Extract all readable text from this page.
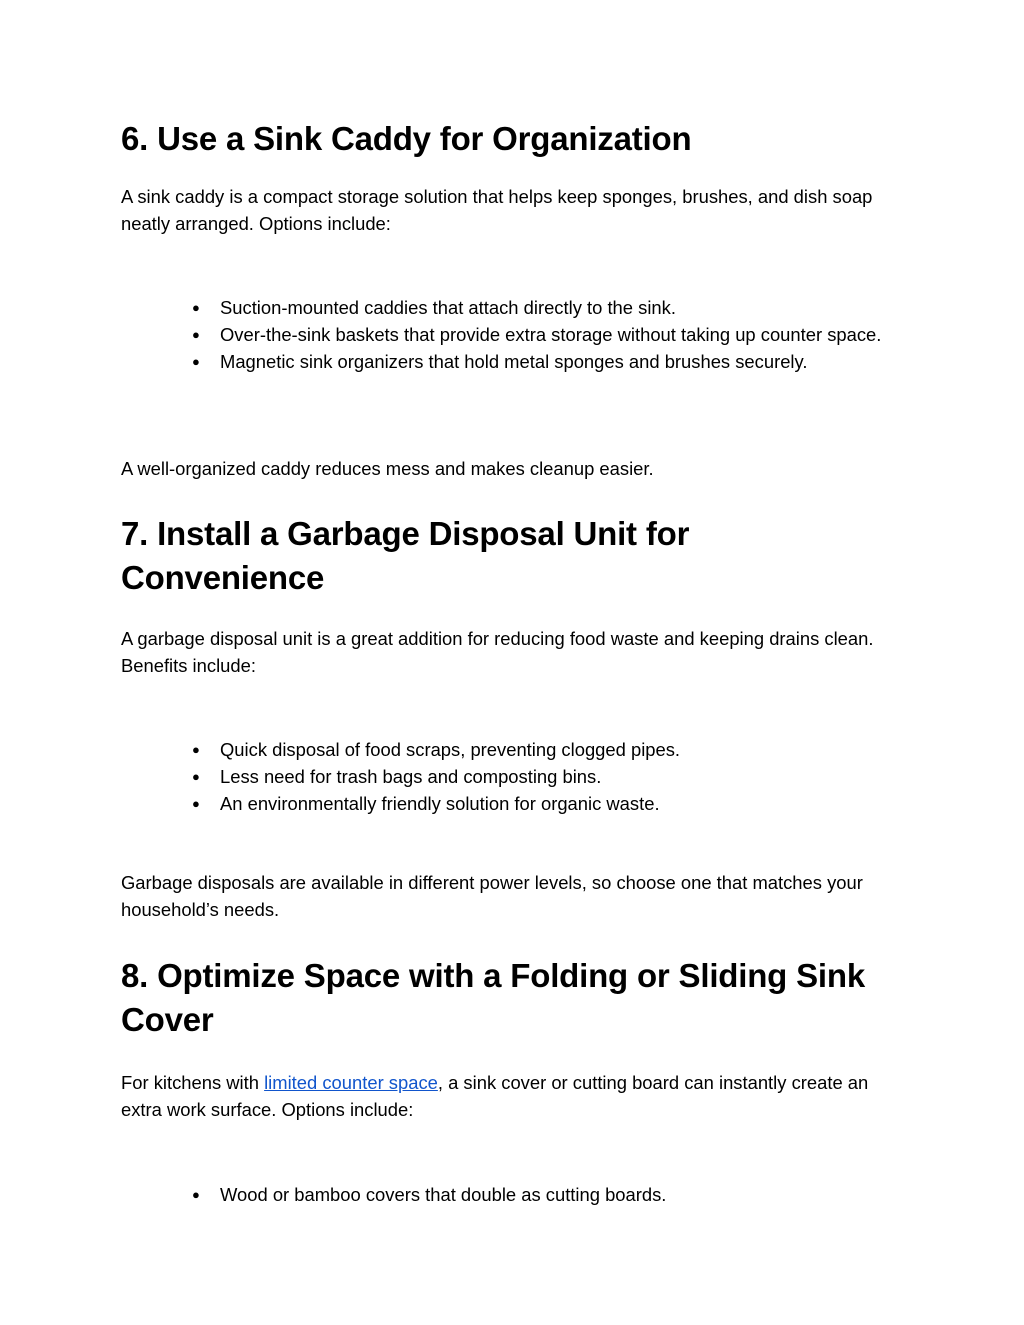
6. Use a Sink Caddy for Organization

A sink caddy is a compact storage solution that helps keep sponges, brushes, and dish soap neatly arranged. Options include:

● Suction-mounted caddies that attach directly to the sink.
● Over-the-sink baskets that provide extra storage without taking up counter space.
● Magnetic sink organizers that hold metal sponges and brushes securely.

A well-organized caddy reduces mess and makes cleanup easier.

7. Install a Garbage Disposal Unit for
Convenience

A garbage disposal unit is a great addition for reducing food waste and keeping drains clean. Benefits include:

● Quick disposal of food scraps, preventing clogged pipes.
● Less need for trash bags and composting bins.
● An environmentally friendly solution for organic waste.

Garbage disposals are available in different power levels, so choose one that matches your household’s needs.

8. Optimize Space with a Folding or Sliding Sink
Cover

For kitchens with limited counter space, a sink cover or cutting board can instantly create an extra work surface. Options include:

● Wood or bamboo covers that double as cutting boards.
